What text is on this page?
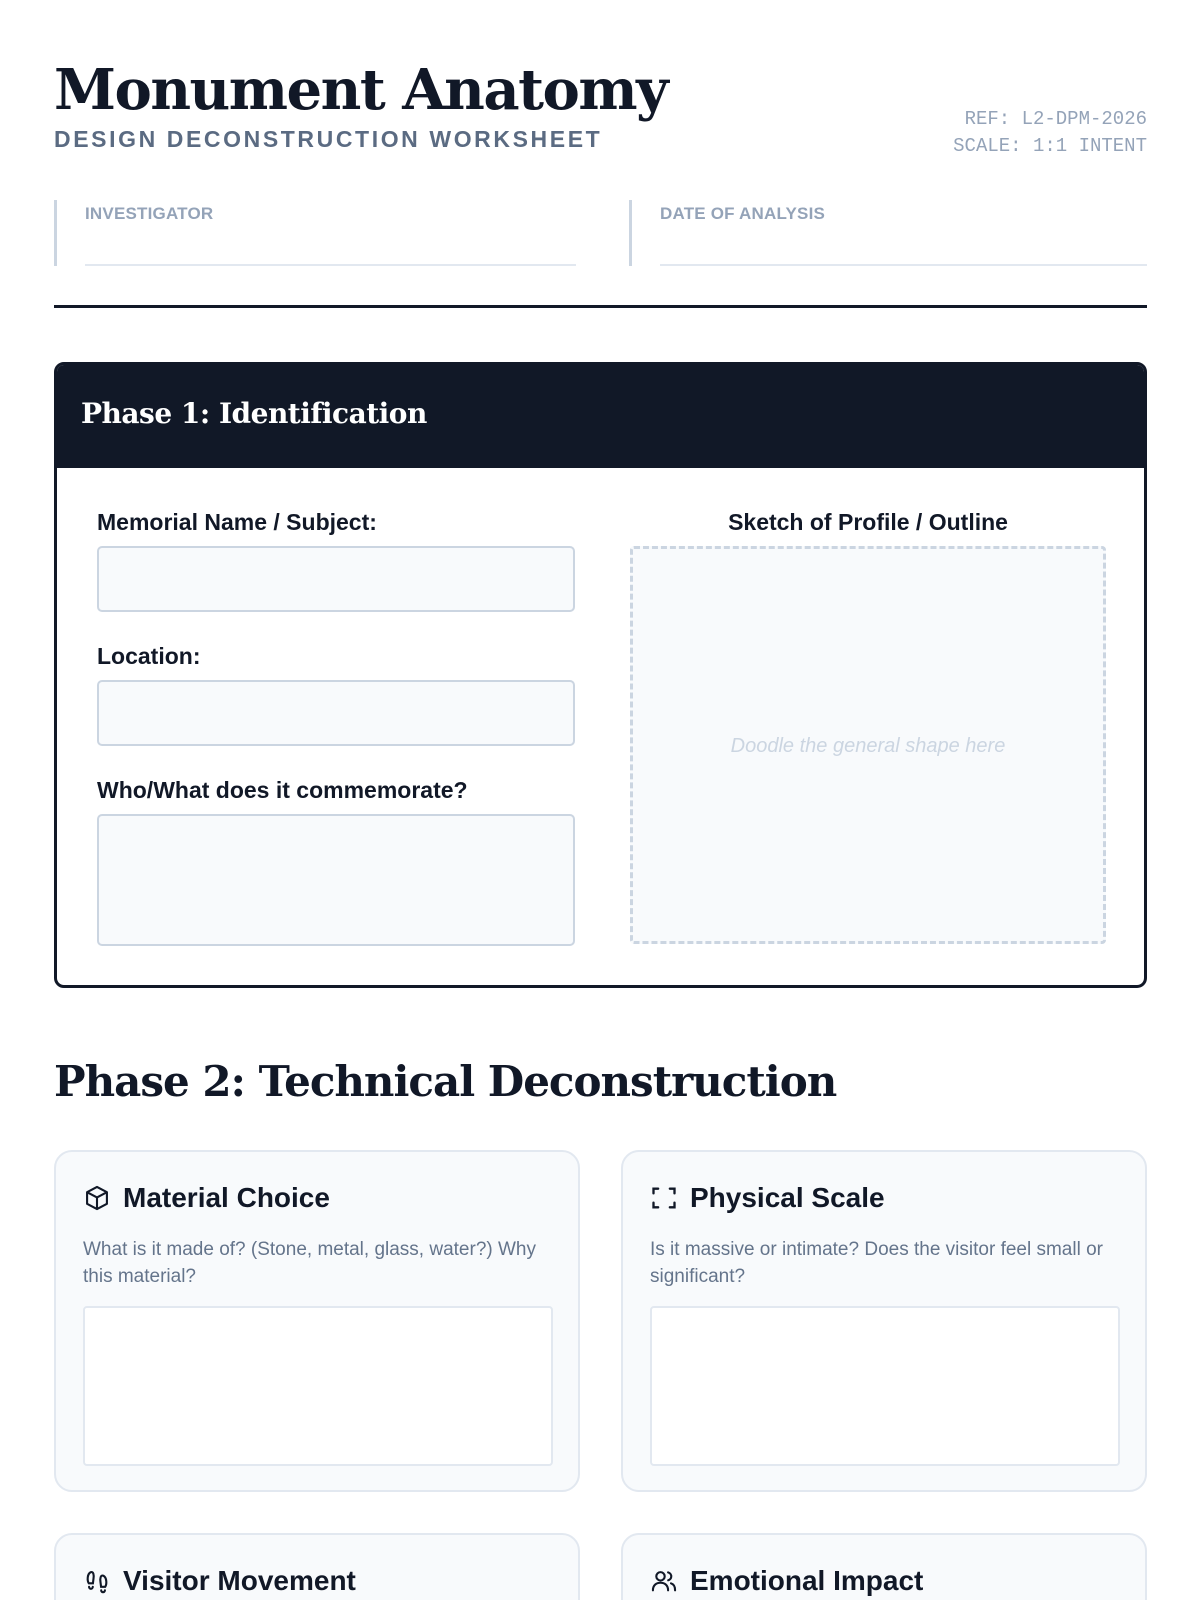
Monument Anatomy
DESIGN DECONSTRUCTION WORKSHEET
REF: L2-DPM-2026
SCALE: 1:1 INTENT
INVESTIGATOR	DATE OF ANALYSIS
Phase 1: Identification
Memorial Name / Subject:
Location:
Who/What does it commemorate?
Sketch of Profile / Outline
Doodle the general shape here
Phase 2: Technical Deconstruction
Material Choice
What is it made of? (Stone, metal, glass, water?) Why this material?
Physical Scale
Is it massive or intimate? Does the visitor feel small or significant?
Visitor Movement	Emotional Impact
